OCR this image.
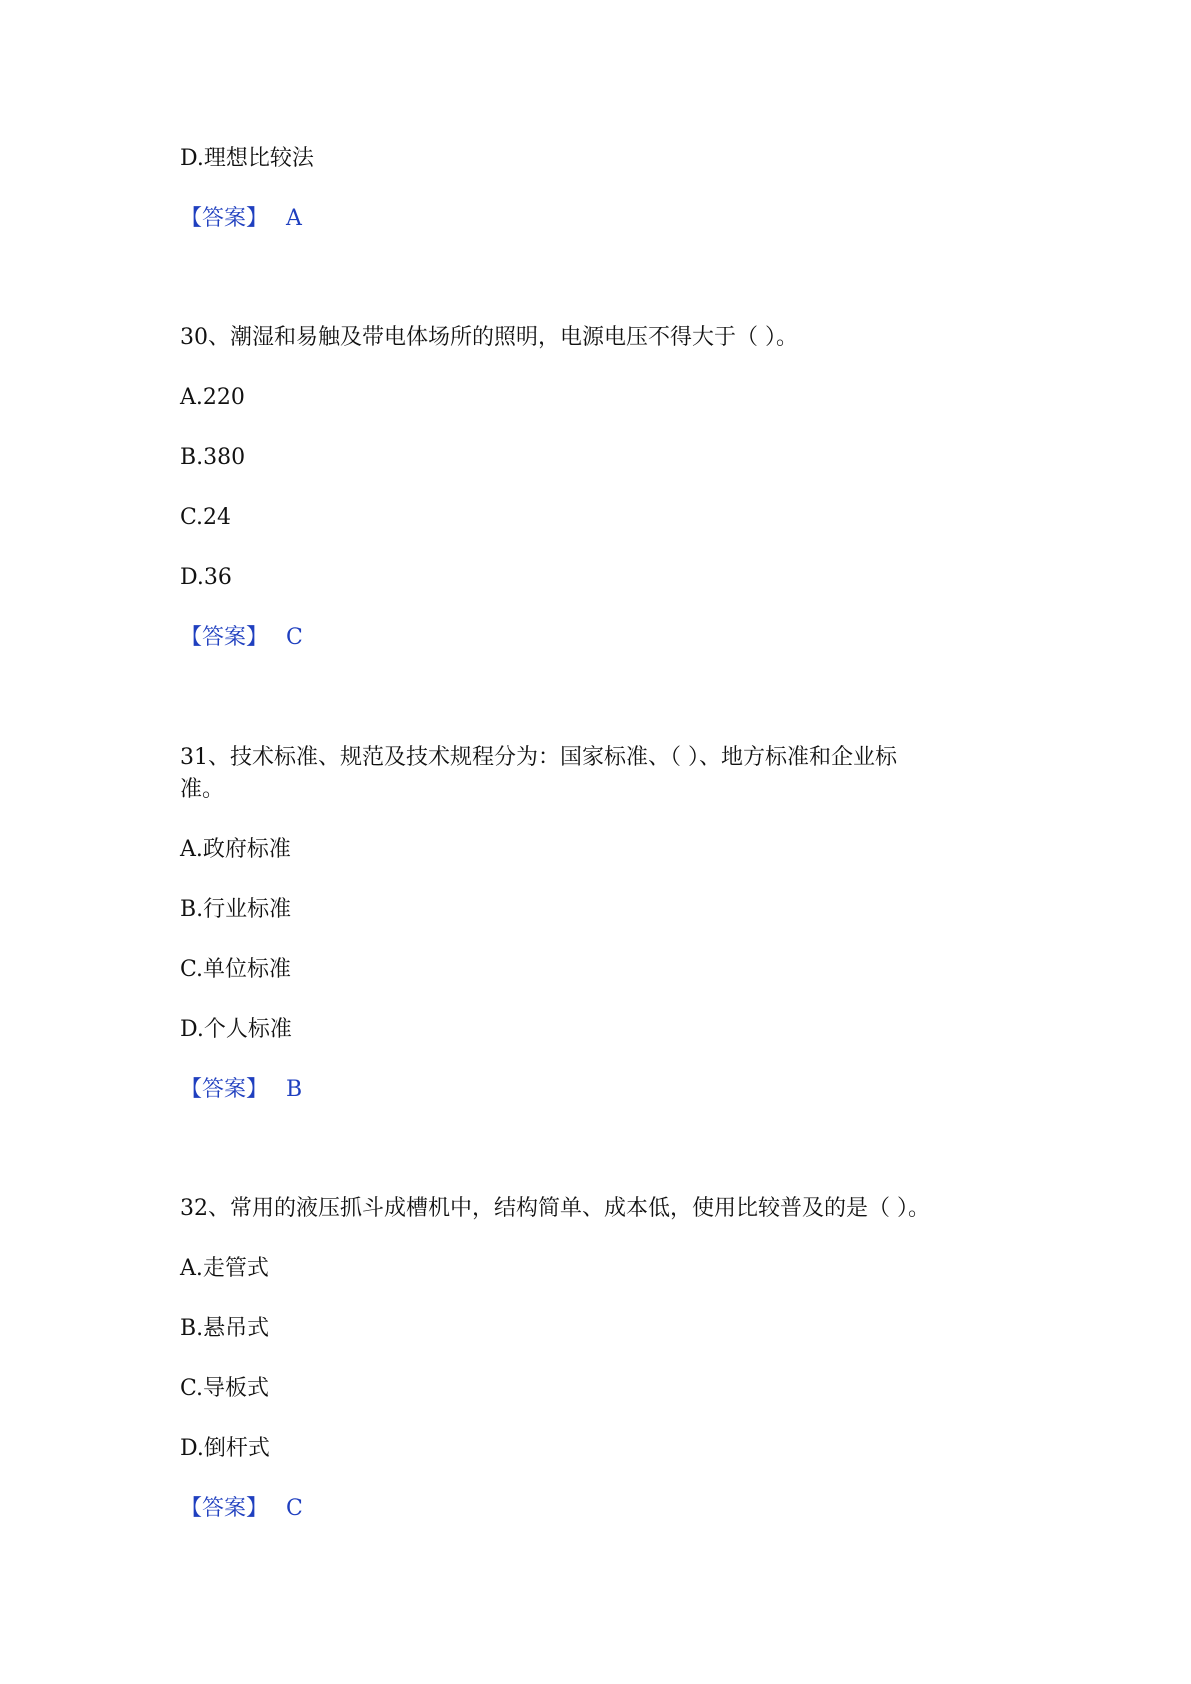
D.理想比较法
【答案】 A
30、潮湿和易触及带电体场所的照明，电源电压不得大于（ ）。
A.220
B.380
C.24
D.36
【答案】 C
31、技术标准、规范及技术规程分为：国家标准、（ ）、地方标准和企业标
准。
A.政府标准
B.行业标准
C.单位标准
D.个人标准
【答案】 B
32、常用的液压抓斗成槽机中，结构简单、成本低，使用比较普及的是（ ）。
A.走管式
B.悬吊式
C.导板式
D.倒杆式
【答案】 C
